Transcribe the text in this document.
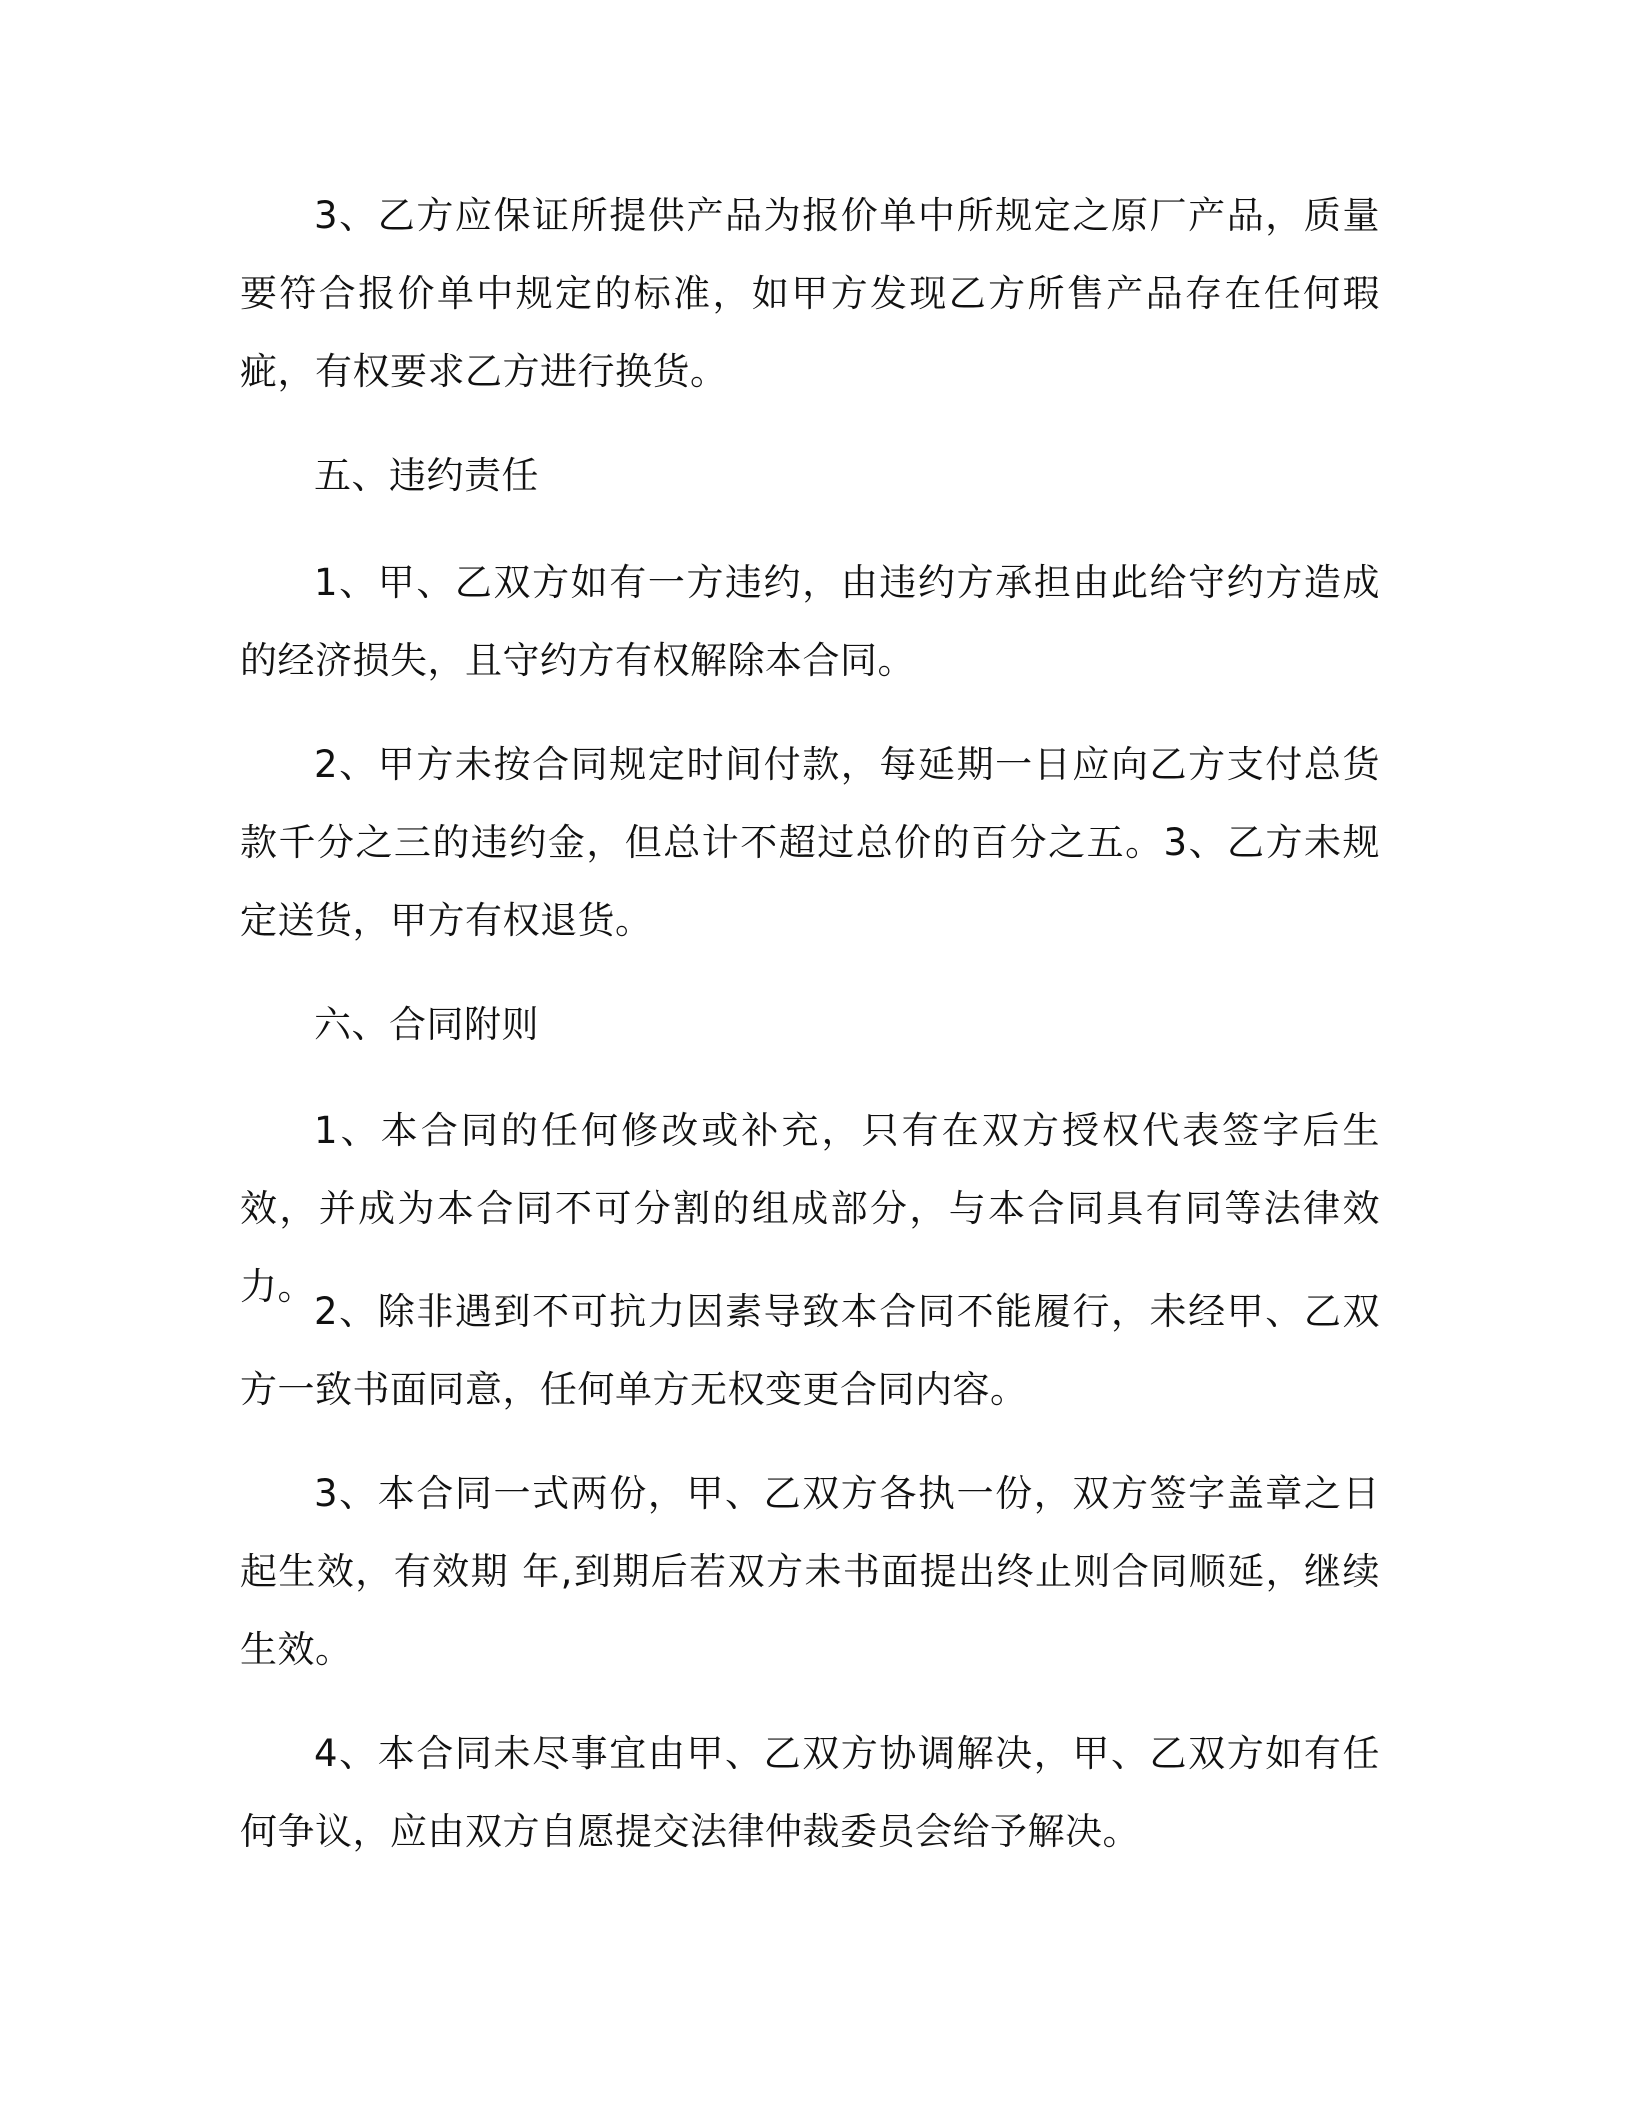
3、乙方应保证所提供产品为报价单中所规定之原厂产品，质量要符合报价单中规定的标准，如甲方发现乙方所售产品存在任何瑕疵，有权要求乙方进行换货。

五、违约责任

1、甲、乙双方如有一方违约，由违约方承担由此给守约方造成的经济损失，且守约方有权解除本合同。

2、甲方未按合同规定时间付款，每延期一日应向乙方支付总货款千分之三的违约金，但总计不超过总价的百分之五。3、乙方未规定送货，甲方有权退货。

六、合同附则

1、本合同的任何修改或补充，只有在双方授权代表签字后生效，并成为本合同不可分割的组成部分，与本合同具有同等法律效力。

2、除非遇到不可抗力因素导致本合同不能履行，未经甲、乙双方一致书面同意，任何单方无权变更合同内容。

3、本合同一式两份，甲、乙双方各执一份，双方签字盖章之日起生效，有效期 年,到期后若双方未书面提出终止则合同顺延，继续生效。

4、本合同未尽事宜由甲、乙双方协调解决，甲、乙双方如有任何争议，应由双方自愿提交法律仲裁委员会给予解决。
